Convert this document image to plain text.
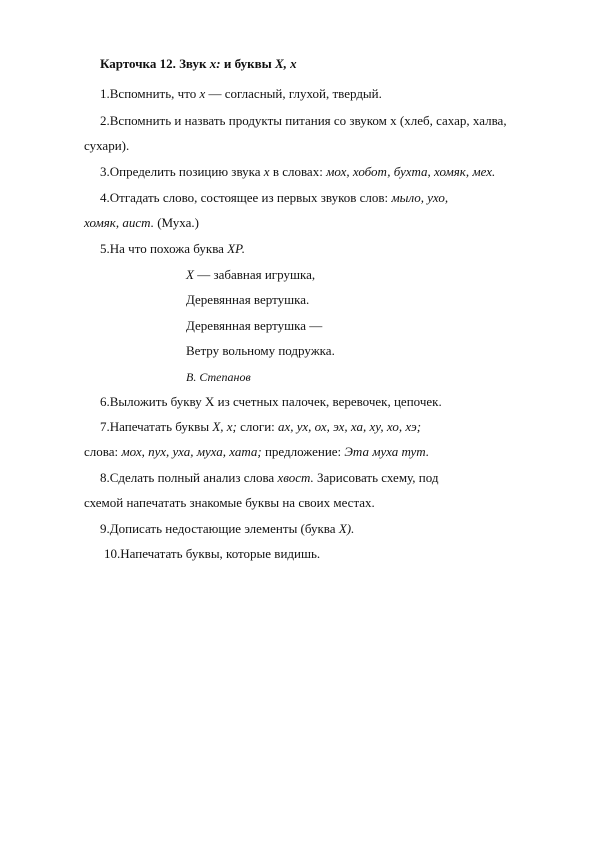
Карточка 12. Звук х: и буквы Х, х
1.Вспомнить, что х — согласный, глухой, твердый.
2.Вспомнить и назвать продукты питания со звуком х (хлеб, сахар, халва,
сухари).
3.Определить позицию звука х в словах: мох, хобот, бухта, хомяк, мех.
4.Отгадать слово, состоящее из первых звуков слов: мыло, ухо,
хомяк, аист. (Муха.)
5.На что похожа буква ХР.
Х — забавная игрушка,
Деревянная вертушка.
Деревянная вертушка —
Ветру вольному подружка.
В. Степанов
6.Выложить букву Х из счетных палочек, веревочек, цепочек.
7.Напечатать буквы Х, х; слоги: ах, ух, ох, эх, ха, ху, хо, хэ;
слова: мох, пух, уха, муха, хата; предложение: Эта муха тут.
8.Сделать полный анализ слова хвост. Зарисовать схему, под
схемой напечатать знакомые буквы на своих местах.
9.Дописать недостающие элементы (буква Х).
10.Напечатать буквы, которые видишь.
